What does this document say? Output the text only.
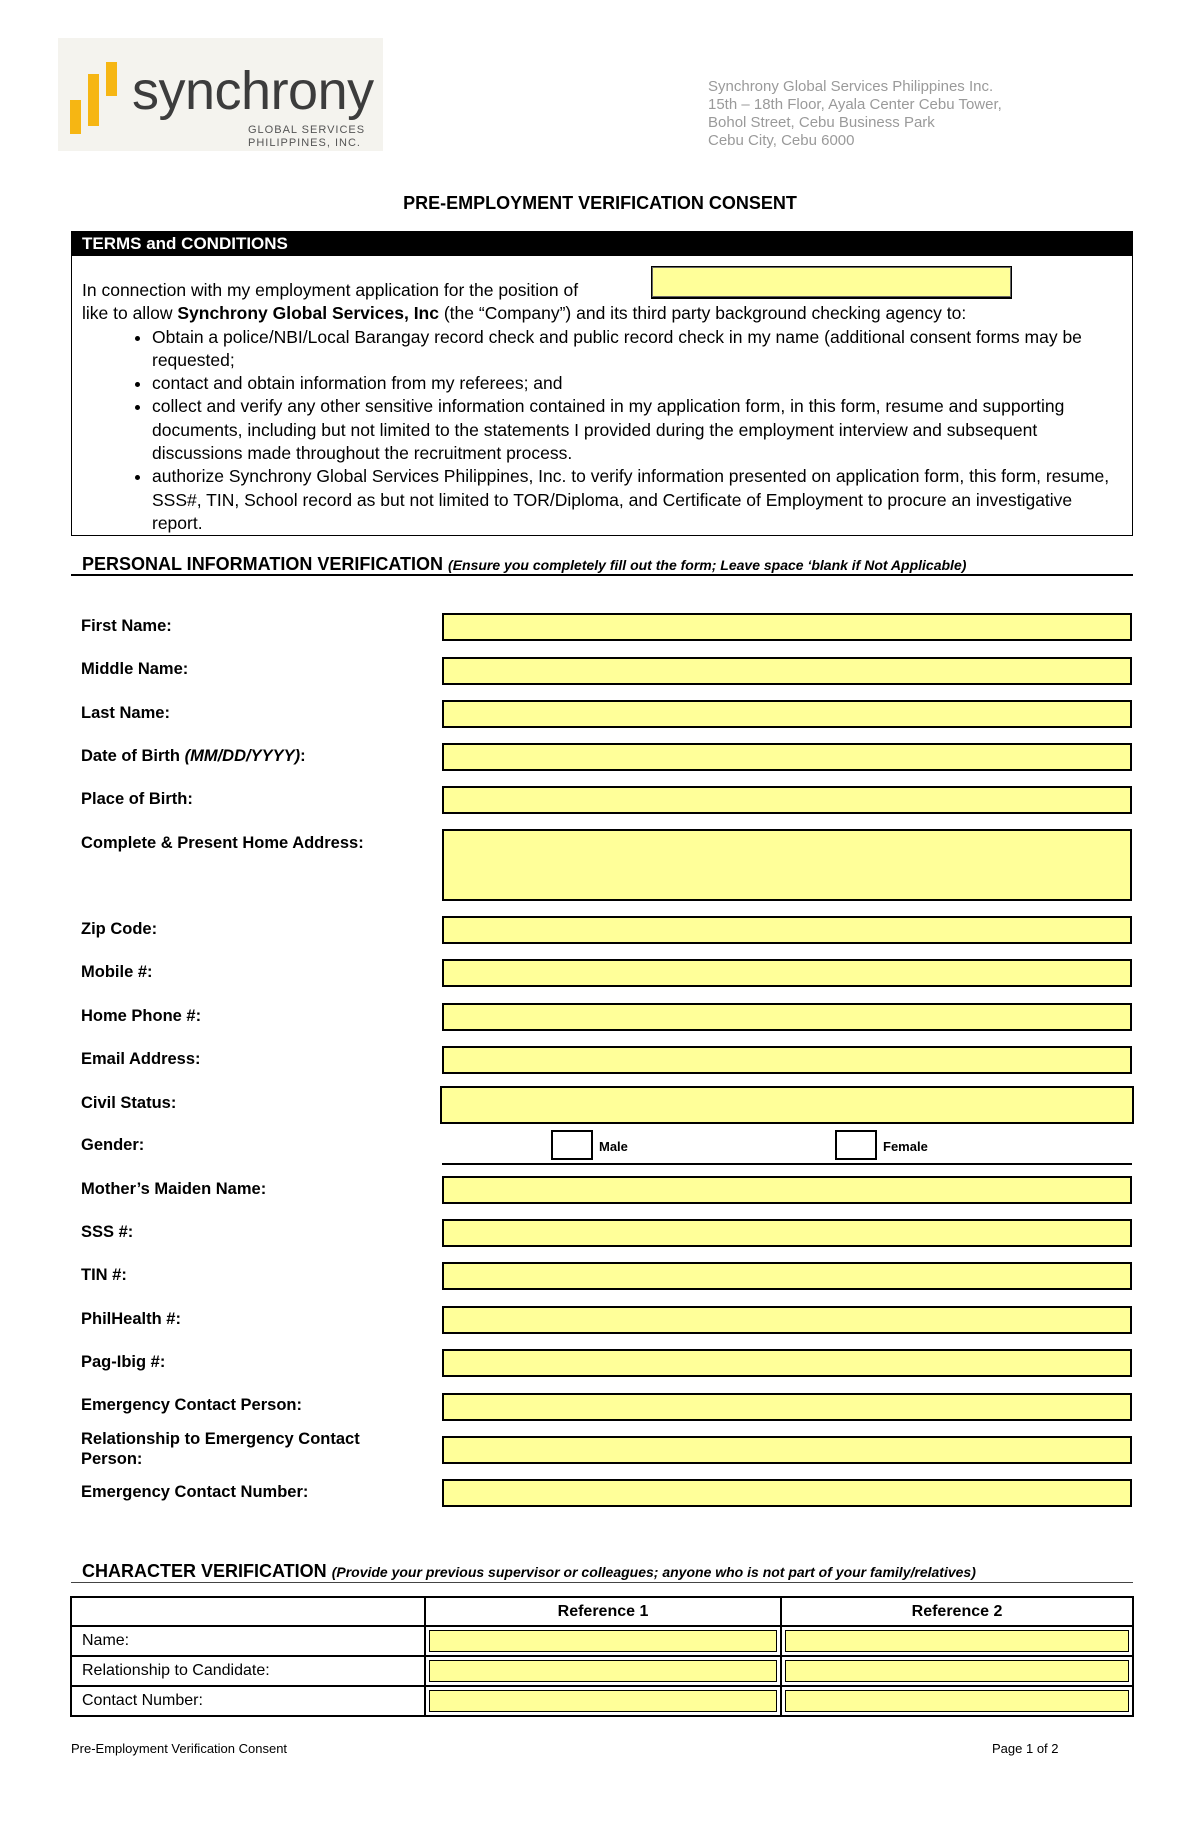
synchrony
GLOBAL SERVICES
PHILIPPINES, INC.
Synchrony Global Services Philippines Inc.
15th – 18th Floor, Ayala Center Cebu Tower,
Bohol Street, Cebu Business Park
Cebu City, Cebu 6000
PRE-EMPLOYMENT VERIFICATION CONSENT
TERMS and CONDITIONS
In connection with my employment application for the position of
like to allow Synchrony Global Services, Inc (the “Company”) and its third party background checking agency to:
• Obtain a police/NBI/Local Barangay record check and public record check in my name (additional consent forms may be requested;
• contact and obtain information from my referees; and
• collect and verify any other sensitive information contained in my application form, in this form, resume and supporting documents, including but not limited to the statements I provided during the employment interview and subsequent discussions made throughout the recruitment process.
• authorize Synchrony Global Services Philippines, Inc. to verify information presented on application form, this form, resume, SSS#, TIN, School record as but not limited to TOR/Diploma, and Certificate of Employment to procure an investigative report.
PERSONAL INFORMATION VERIFICATION (Ensure you completely fill out the form; Leave space ‘blank if Not Applicable)
First Name:
Middle Name:
Last Name:
Date of Birth (MM/DD/YYYY):
Place of Birth:
Complete & Present Home Address:
Zip Code:
Mobile #:
Home Phone #:
Email Address:
Civil Status:
Gender:	Male	Female
Mother’s Maiden Name:
SSS #:
TIN #:
PhilHealth #:
Pag-Ibig #:
Emergency Contact Person:
Relationship to Emergency Contact
Person:
Emergency Contact Number:
CHARACTER VERIFICATION (Provide your previous supervisor or colleagues; anyone who is not part of your family/relatives)
	Reference 1	Reference 2
Name:	

Relationship to Candidate:	

Contact Number:	

Pre-Employment Verification Consent	Page 1 of 2
